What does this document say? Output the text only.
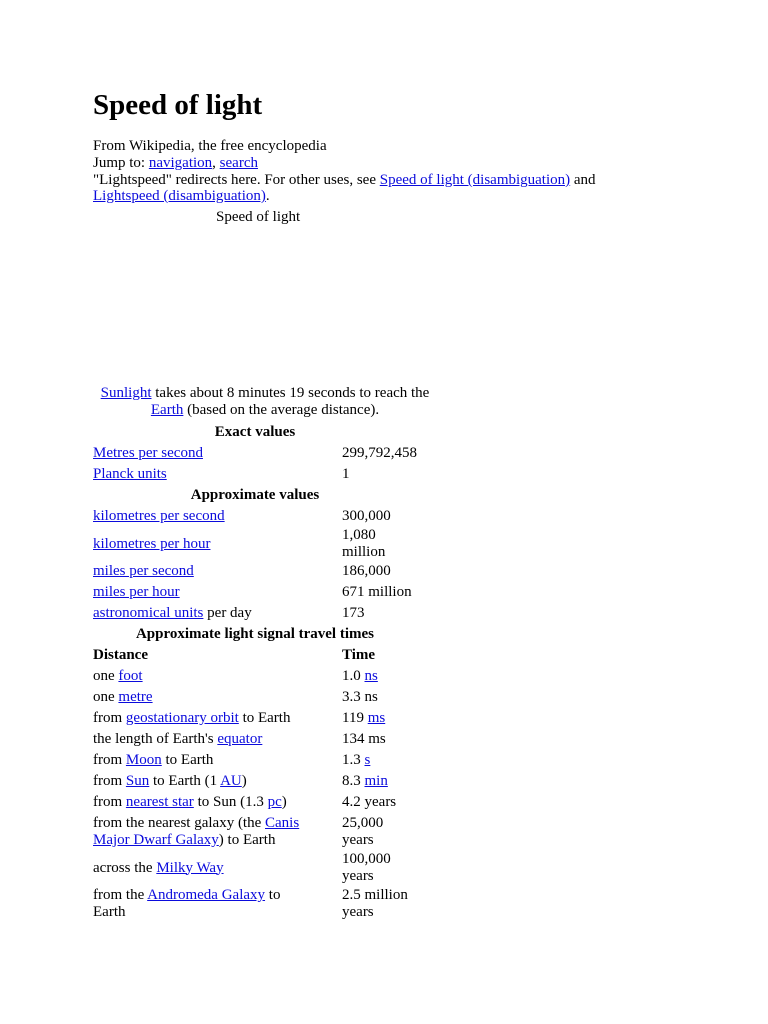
Speed of light
From Wikipedia, the free encyclopedia
Jump to: navigation, search
"Lightspeed" redirects here. For other uses, see Speed of light (disambiguation) and
Lightspeed (disambiguation).
Speed of light
Sunlight takes about 8 minutes 19 seconds to reach the Earth (based on the average distance).
Exact values	
Metres per second	299,792,458
Planck units	1
Approximate values	
kilometres per second	300,000
kilometres per hour	1,080 million
miles per second	186,000
miles per hour	671 million
astronomical units per day	173
Approximate light signal travel times	
Distance	Time
one foot	1.0 ns
one metre	3.3 ns
from geostationary orbit to Earth	119 ms
the length of Earth's equator	134 ms
from Moon to Earth	1.3 s
from Sun to Earth (1 AU)	8.3 min
from nearest star to Sun (1.3 pc)	4.2 years
from the nearest galaxy (the Canis Major Dwarf Galaxy) to Earth	25,000 years
across the Milky Way	100,000 years
from the Andromeda Galaxy to Earth	2.5 million years
